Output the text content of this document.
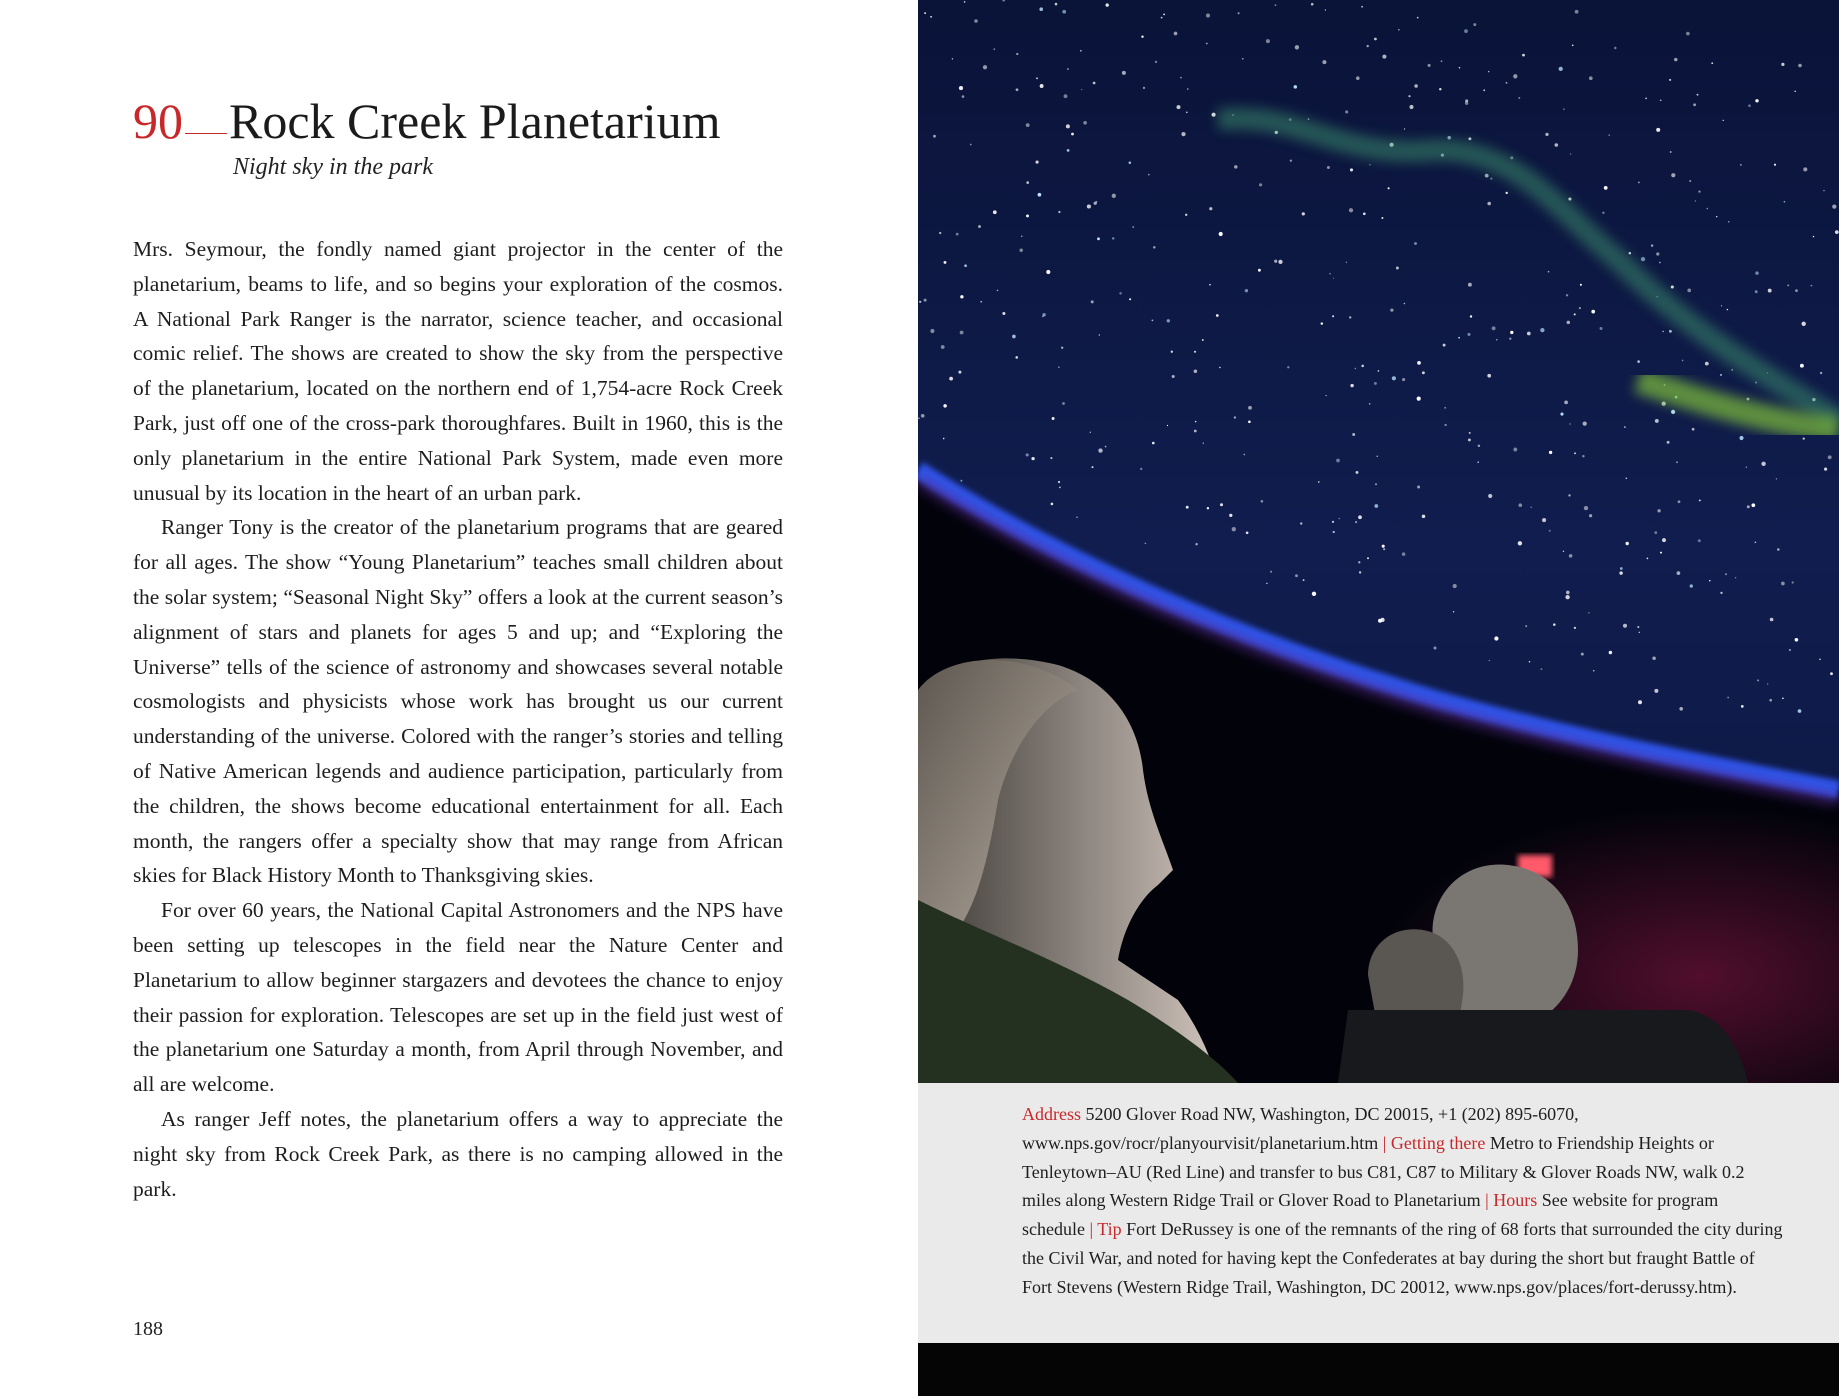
90 Rock Creek Planetarium
Night sky in the park

Mrs. Seymour, the fondly named giant projector in the center of the planetarium, beams to life, and so begins your exploration of the cosmos. A National Park Ranger is the narrator, science teacher, and occasional comic relief. The shows are created to show the sky from the perspective of the planetarium, located on the northern end of 1,754-acre Rock Creek Park, just off one of the cross-park thoroughfares. Built in 1960, this is the only planetarium in the entire National Park System, made even more unusual by its location in the heart of an urban park.

Ranger Tony is the creator of the planetarium programs that are geared for all ages. The show “Young Planetarium” teaches small children about the solar system; “Seasonal Night Sky” offers a look at the current season’s alignment of stars and planets for ages 5 and up; and “Exploring the Universe” tells of the science of astronomy and showcases several notable cosmologists and physicists whose work has brought us our current understanding of the universe. Colored with the ranger’s stories and telling of Native American legends and audience participation, particularly from the children, the shows become educational entertainment for all. Each month, the rangers offer a specialty show that may range from African skies for Black History Month to Thanksgiving skies.

For over 60 years, the National Capital Astronomers and the NPS have been setting up telescopes in the field near the Nature Center and Planetarium to allow beginner stargazers and devotees the chance to enjoy their passion for exploration. Telescopes are set up in the field just west of the planetarium one Saturday a month, from April through November, and all are welcome.

As ranger Jeff notes, the planetarium offers a way to appreciate the night sky from Rock Creek Park, as there is no camping allowed in the park.

188
Address 5200 Glover Road NW, Washington, DC 20015, +1 (202) 895-6070, www.nps.gov/rocr/planyourvisit/planetarium.htm | Getting there Metro to Friendship Heights or Tenleytown–AU (Red Line) and transfer to bus C81, C87 to Military & Glover Roads NW, walk 0.2 miles along Western Ridge Trail or Glover Road to Planetarium | Hours See website for program schedule | Tip Fort DeRussey is one of the remnants of the ring of 68 forts that surrounded the city during the Civil War, and noted for having kept the Confederates at bay during the short but fraught Battle of Fort Stevens (Western Ridge Trail, Washington, DC 20012, www.nps.gov/places/fort-derussy.htm).
